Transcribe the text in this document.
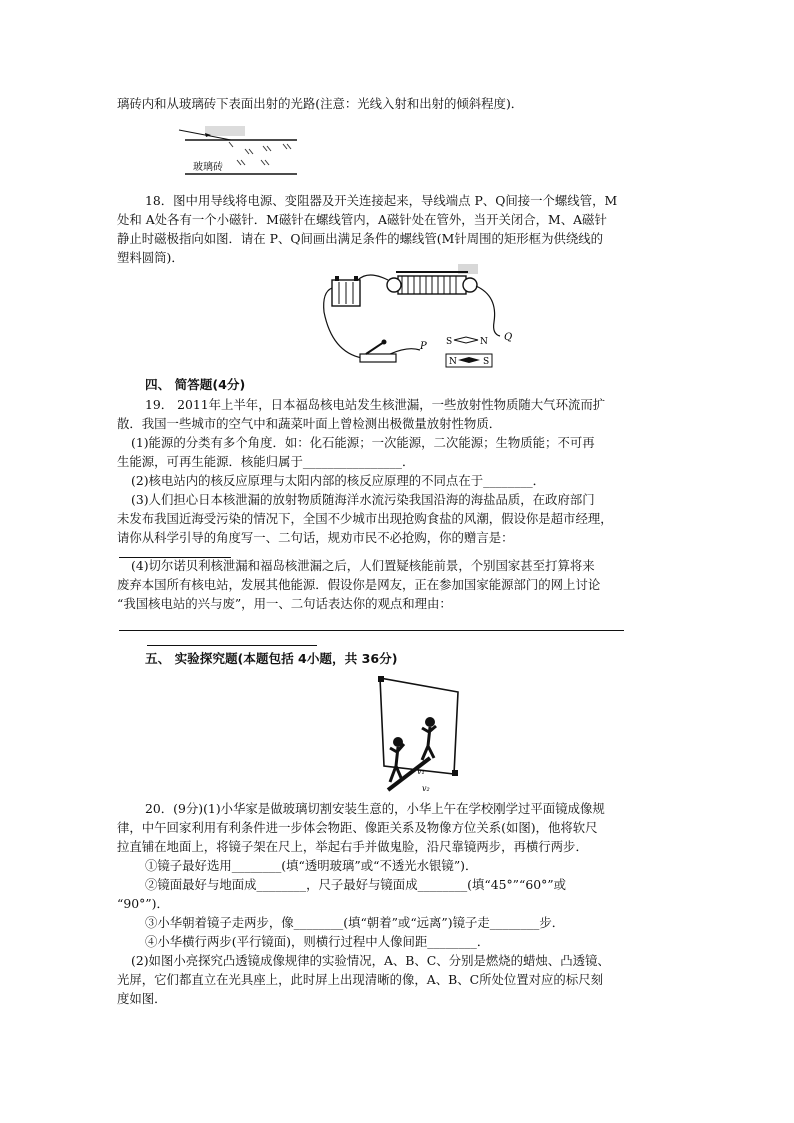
璃砖内和从玻璃砖下表面出射的光路(注意：光线入射和出射的倾斜程度)．
玻璃砖
18．图中用导线将电源、变阻器及开关连接起来，导线端点 P、Q间接一个螺线管，M
处和 A处各有一个小磁针．M磁针在螺线管内，A磁针处在管外，当开关闭合，M、A磁针
静止时磁极指向如图．请在 P、Q间画出满足条件的螺线管(M针周围的矩形框为供绕线的
塑料圆筒)．
P
Q
S	N
N	S
四、 简答题(4分)
19． 2011年上半年，日本福岛核电站发生核泄漏，一些放射性物质随大气环流而扩
散．我国一些城市的空气中和蔬菜叶面上曾检测出极微量放射性物质．
(1)能源的分类有多个角度．如：化石能源；一次能源，二次能源；生物质能；不可再
生能源，可再生能源．核能归属于________________．
(2)核电站内的核反应原理与太阳内部的核反应原理的不同点在于________．
(3)人们担心日本核泄漏的放射物质随海洋水流污染我国沿海的海盐品质，在政府部门
未发布我国近海受污染的情况下，全国不少城市出现抢购食盐的风潮，假设你是超市经理，
请你从科学引导的角度写一、二句话，规劝市民不必抢购，你的赠言是：
(4)切尔诺贝利核泄漏和福岛核泄漏之后，人们置疑核能前景，个别国家甚至打算将来
废弃本国所有核电站，发展其他能源．假设你是网友，正在参加国家能源部门的网上讨论
“我国核电站的兴与废”，用一、二句话表达你的观点和理由：
五、 实验探究题(本题包括 4小题，共 36分)
v₁
v₂
20．(9分)(1)小华家是做玻璃切割安装生意的，小华上午在学校刚学过平面镜成像规
律，中午回家利用有利条件进一步体会物距、像距关系及物像方位关系(如图)，他将软尺
拉直铺在地面上，将镜子架在尺上，举起右手并做鬼脸，沿尺靠镜两步，再横行两步．
①镜子最好选用________(填“透明玻璃”或“不透光水银镜”)．
②镜面最好与地面成________，尺子最好与镜面成________(填“45°”“60°”或
“90°”)．
③小华朝着镜子走两步，像________(填“朝着”或“远离”)镜子走________步．
④小华横行两步(平行镜面)，则横行过程中人像间距________．
(2)如图小亮探究凸透镜成像规律的实验情况，A、B、C、分别是燃烧的蜡烛、凸透镜、
光屏，它们都直立在光具座上，此时屏上出现清晰的像，A、B、C所处位置对应的标尺刻
度如图．
